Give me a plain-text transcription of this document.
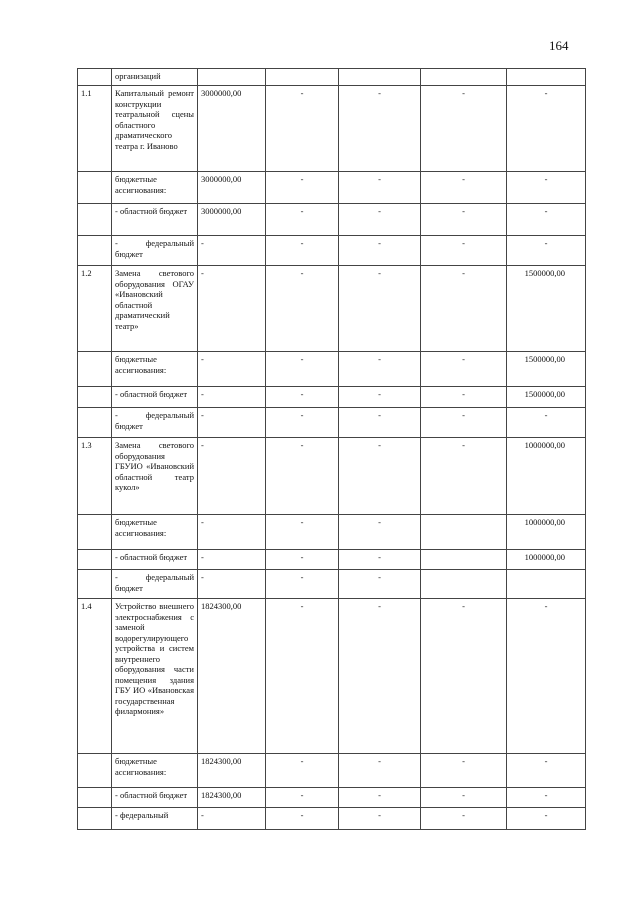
164
	организаций					
1.1	Капитальный ремонт конструкции театральной сцены областного драматического театра г. Иваново	3000000,00	-	-	-	-
	бюджетные ассигнования:	3000000,00	-	-	-	-
	- областной бюджет	3000000,00	-	-	-	-
	- федеральный бюджет	-	-	-	-	-
1.2	Замена светового оборудования ОГАУ «Ивановский областной драматический театр»	-	-	-	-	1500000,00
	бюджетные ассигнования:	-	-	-	-	1500000,00
	- областной бюджет	-	-	-	-	1500000,00
	- федеральный бюджет	-	-	-	-	-
1.3	Замена светового оборудования ГБУИО «Ивановский областной театр кукол»	-	-	-	-	1000000,00
	бюджетные ассигнования:	-	-	-		1000000,00
	- областной бюджет	-	-	-		1000000,00
	- федеральный бюджет	-	-	-		
1.4	Устройство внешнего электроснабжения с заменой водорегулирующего устройства и систем внутреннего оборудования части помещения здания ГБУ ИО «Ивановская государственная филармония»	1824300,00	-	-	-	-
	бюджетные ассигнования:	1824300,00	-	-	-	-
	- областной бюджет	1824300,00	-	-	-	-
	- федеральный	-	-	-	-	-
